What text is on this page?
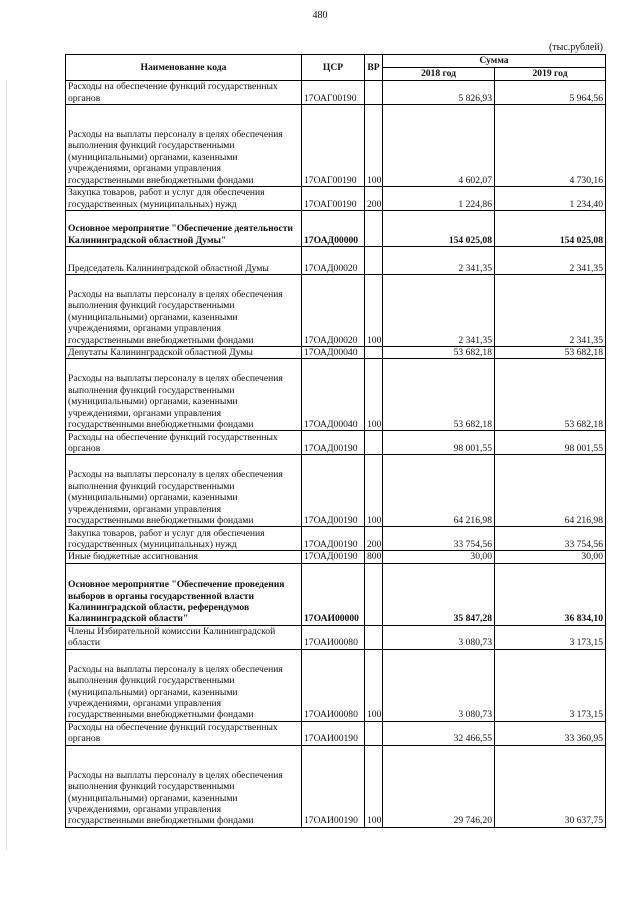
480
(тыс.рублей)
Наименование кода	ЦСР	ВР	Сумма	
			2018 год	2019 год
Расходы на обеспечение функций государственных органов	17ОАГ00190		5 826,93	5 964,56
Расходы на выплаты персоналу в целях обеспечения выполнения функций государственными (муниципальными) органами, казенными учреждениями, органами управления государственными внебюджетными фондами	17ОАГ00190	100	4 602,07	4 730,16
Закупка товаров, работ и услуг для обеспечения государственных (муниципальных) нужд	17ОАГ00190	200	1 224,86	1 234,40
Основное мероприятие "Обеспечение деятельности Калининградской областной Думы"	17ОАД00000		154 025,08	154 025,08
Председатель Калининградской областной Думы	17ОАД00020		2 341,35	2 341,35
Расходы на выплаты персоналу в целях обеспечения выполнения функций государственными (муниципальными) органами, казенными учреждениями, органами управления государственными внебюджетными фондами	17ОАД00020	100	2 341,35	2 341,35
Депутаты Калининградской областной Думы	17ОАД00040		53 682,18	53 682,18
Расходы на выплаты персоналу в целях обеспечения выполнения функций государственными (муниципальными) органами, казенными учреждениями, органами управления государственными внебюджетными фондами	17ОАД00040	100	53 682,18	53 682,18
Расходы на обеспечение функций государственных органов	17ОАД00190		98 001,55	98 001,55
Расходы на выплаты персоналу в целях обеспечения выполнения функций государственными (муниципальными) органами, казенными учреждениями, органами управления государственными внебюджетными фондами	17ОАД00190	100	64 216,98	64 216,98
Закупка товаров, работ и услуг для обеспечения государственных (муниципальных) нужд	17ОАД00190	200	33 754,56	33 754,56
Иные бюджетные ассигнования	17ОАД00190	800	30,00	30,00
Основное мероприятие "Обеспечение проведения выборов в органы государственной власти Калининградской области, референдумов Калининградской области"	17ОАИ00000		35 847,28	36 834,10
Члены Избирательной комиссии Калининградской области	17ОАИ00080		3 080,73	3 173,15
Расходы на выплаты персоналу в целях обеспечения выполнения функций государственными (муниципальными) органами, казенными учреждениями, органами управления государственными внебюджетными фондами	17ОАИ00080	100	3 080,73	3 173,15
Расходы на обеспечение функций государственных органов	17ОАИ00190		32 466,55	33 360,95
Расходы на выплаты персоналу в целях обеспечения выполнения функций государственными (муниципальными) органами, казенными учреждениями, органами управления государственными внебюджетными фондами	17ОАИ00190	100	29 746,20	30 637,75
